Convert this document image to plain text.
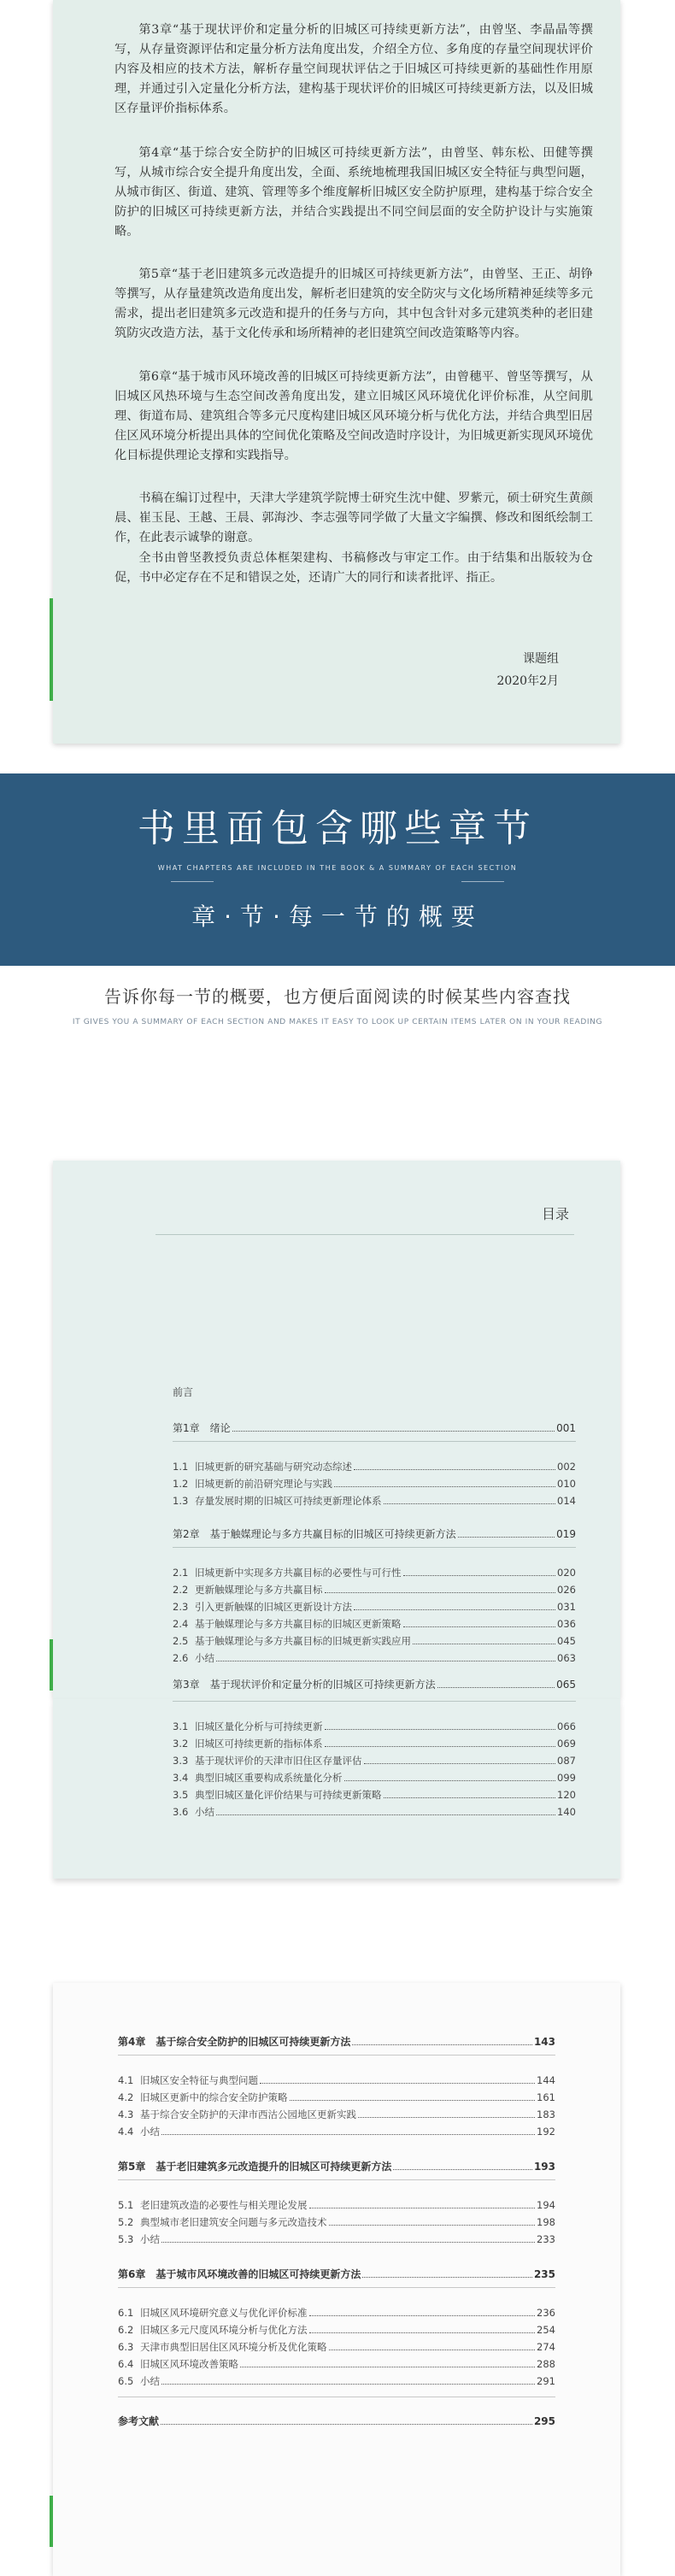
第3章“基于现状评价和定量分析的旧城区可持续更新方法”，由曾坚、李晶晶等撰写，从存量资源评估和定量分析方法角度出发，介绍全方位、多角度的存量空间现状评价内容及相应的技术方法，解析存量空间现状评估之于旧城区可持续更新的基础性作用原理，并通过引入定量化分析方法，建构基于现状评价的旧城区可持续更新方法，以及旧城区存量评价指标体系。

第4章“基于综合安全防护的旧城区可持续更新方法”，由曾坚、韩东松、田健等撰写，从城市综合安全提升角度出发，全面、系统地梳理我国旧城区安全特征与典型问题，从城市街区、街道、建筑、管理等多个维度解析旧城区安全防护原理，建构基于综合安全防护的旧城区可持续更新方法，并结合实践提出不同空间层面的安全防护设计与实施策略。

第5章“基于老旧建筑多元改造提升的旧城区可持续更新方法”，由曾坚、王正、胡铮等撰写，从存量建筑改造角度出发，解析老旧建筑的安全防灾与文化场所精神延续等多元需求，提出老旧建筑多元改造和提升的任务与方向，其中包含针对多元建筑类种的老旧建筑防灾改造方法，基于文化传承和场所精神的老旧建筑空间改造策略等内容。

第6章“基于城市风环境改善的旧城区可持续更新方法”，由曾穗平、曾坚等撰写，从旧城区风热环境与生态空间改善角度出发，建立旧城区风环境优化评价标准，从空间肌理、街道布局、建筑组合等多元尺度构建旧城区风环境分析与优化方法，并结合典型旧居住区风环境分析提出具体的空间优化策略及空间改造时序设计，为旧城更新实现风环境优化目标提供理论支撑和实践指导。

书稿在编订过程中，天津大学建筑学院博士研究生沈中健、罗紫元，硕士研究生黄颜晨、崔玉昆、王越、王晨、郭海沙、李志强等同学做了大量文字编撰、修改和图纸绘制工作，在此表示诚挚的谢意。

全书由曾坚教授负责总体框架建构、书稿修改与审定工作。由于结集和出版较为仓促，书中必定存在不足和错误之处，还请广大的同行和读者批评、指正。

课题组
2020年2月
书里面包含哪些章节
WHAT CHAPTERS ARE INCLUDED IN THE BOOK & A SUMMARY OF EACH SECTION
章·节·每一节的概要
告诉你每一节的概要，也方便后面阅读的时候某些内容查找
IT GIVES YOU A SUMMARY OF EACH SECTION AND MAKES IT EASY TO LOOK UP CERTAIN ITEMS LATER ON IN YOUR READING
目录
前言
第1章 绪论	001
1.1 旧城更新的研究基础与研究动态综述	002
1.2 旧城更新的前沿研究理论与实践	010
1.3 存量发展时期的旧城区可持续更新理论体系	014
第2章 基于触媒理论与多方共赢目标的旧城区可持续更新方法	019
2.1 旧城更新中实现多方共赢目标的必要性与可行性	020
2.2 更新触媒理论与多方共赢目标	026
2.3 引入更新触媒的旧城区更新设计方法	031
2.4 基于触媒理论与多方共赢目标的旧城区更新策略	036
2.5 基于触媒理论与多方共赢目标的旧城更新实践应用	045
2.6 小结	063
第3章 基于现状评价和定量分析的旧城区可持续更新方法	065
3.1 旧城区量化分析与可持续更新	066
3.2 旧城区可持续更新的指标体系	069
3.3 基于现状评价的天津市旧住区存量评估	087
3.4 典型旧城区重要构成系统量化分析	099
3.5 典型旧城区量化评价结果与可持续更新策略	120
3.6 小结	140
第4章 基于综合安全防护的旧城区可持续更新方法	143
4.1 旧城区安全特征与典型问题	144
4.2 旧城区更新中的综合安全防护策略	161
4.3 基于综合安全防护的天津市西沽公园地区更新实践	183
4.4 小结	192
第5章 基于老旧建筑多元改造提升的旧城区可持续更新方法	193
5.1 老旧建筑改造的必要性与相关理论发展	194
5.2 典型城市老旧建筑安全问题与多元改造技术	198
5.3 小结	233
第6章 基于城市风环境改善的旧城区可持续更新方法	235
6.1 旧城区风环境研究意义与优化评价标准	236
6.2 旧城区多元尺度风环境分析与优化方法	254
6.3 天津市典型旧居住区风环境分析及优化策略	274
6.4 旧城区风环境改善策略	288
6.5 小结	291
参考文献	295
